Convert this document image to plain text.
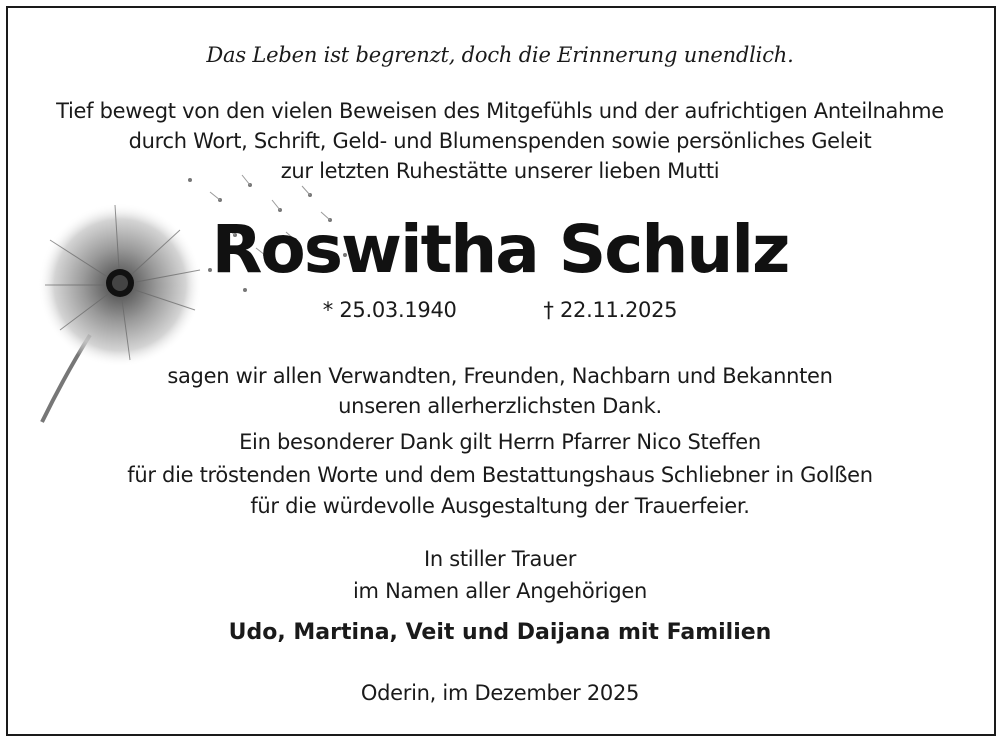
Das Leben ist begrenzt, doch die Erinnerung unendlich.
Tief bewegt von den vielen Beweisen des Mitgefühls und der aufrichtigen Anteilnahme
durch Wort, Schrift, Geld- und Blumenspenden sowie persönliches Geleit
zur letzten Ruhestätte unserer lieben Mutti
Roswitha Schulz
* 25.03.1940	† 22.11.2025
sagen wir allen Verwandten, Freunden, Nachbarn und Bekannten
unseren allerherzlichsten Dank.
Ein besonderer Dank gilt Herrn Pfarrer Nico Steffen
für die tröstenden Worte und dem Bestattungshaus Schliebner in Golßen
für die würdevolle Ausgestaltung der Trauerfeier.
In stiller Trauer
im Namen aller Angehörigen
Udo, Martina, Veit und Daijana mit Familien
Oderin, im Dezember 2025
